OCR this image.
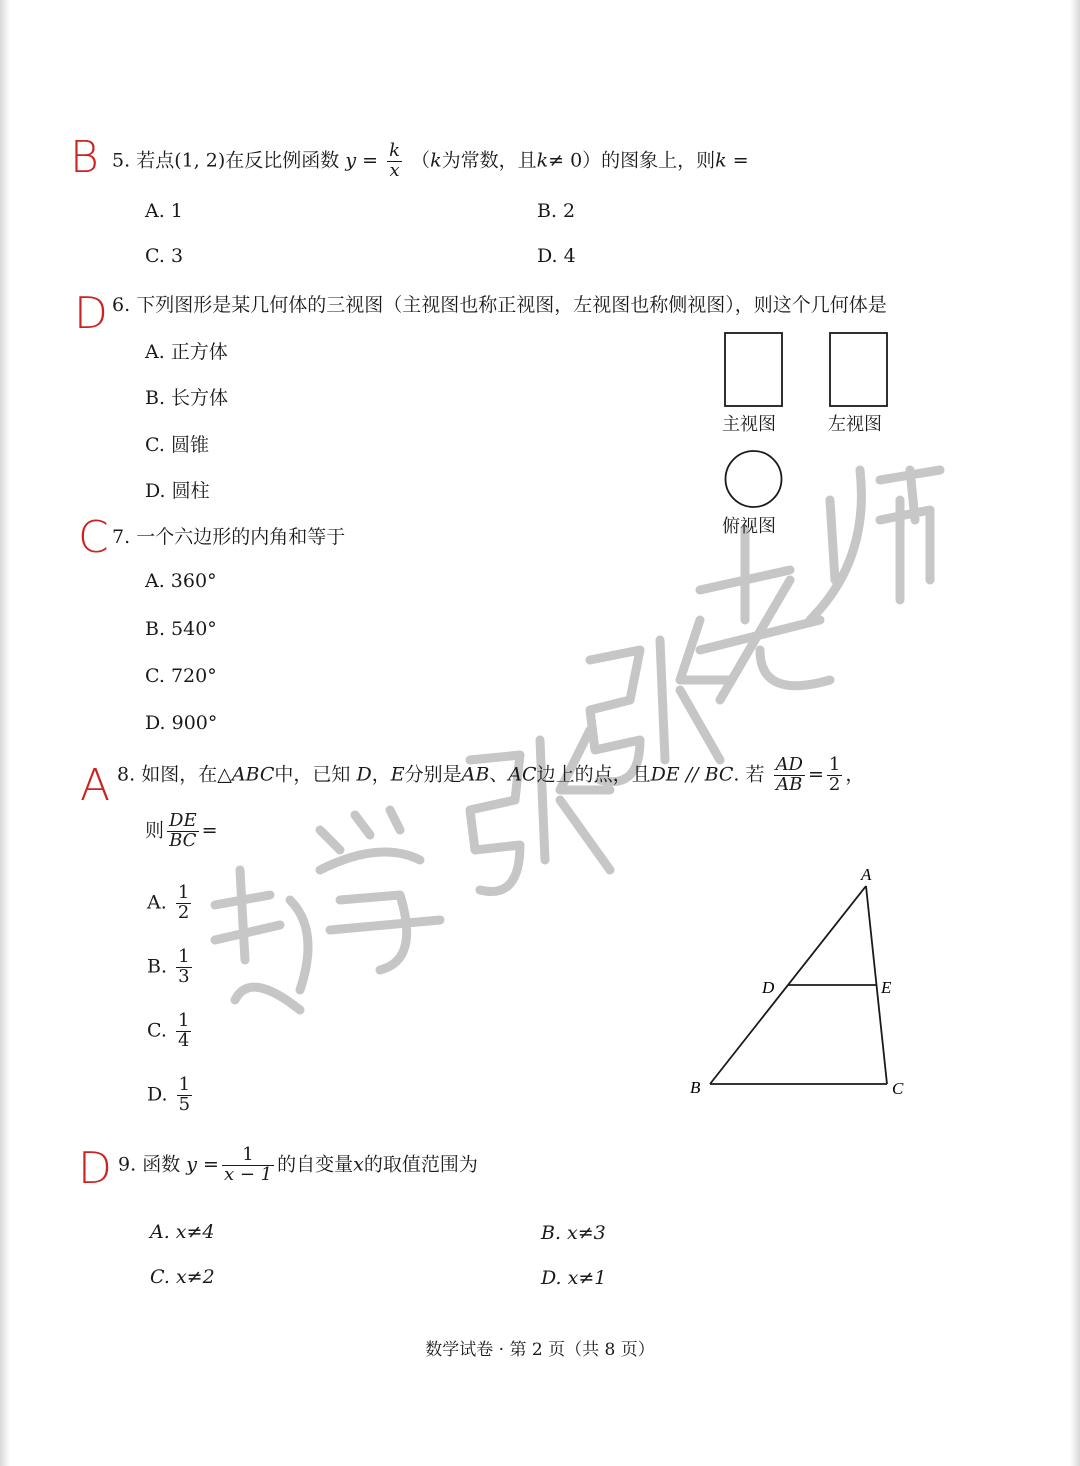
B 5. 若点(1, 2)在反比例函数 $y = \frac{k}{x} (k$为常数，且k≠ 0）的图象上，则k =
A. 1	B. 2
C. 3	D. 4
D 6. 下列图形是某几何体的三视图（主视图也称正视图，左视图也称侧视图），则这个几何体是
A. 正方体
B. 长方体
C. 圆锥
D. 圆柱
主视图	左视图
俯视图
C 7. 一个六边形的内角和等于
A. 360°
B. 540°
C. 720°
D. 900°
A 8. 如图，在△ABC中，已知 D，E分别是AB、AC边上的点，且DE // BC. 若 $\frac{AD}{AB} = \frac{1}{2}$ ，
则 $\frac{DE}{BC}$ =
A. $\frac{1}{2}$
B. $\frac{1}{3}$
C. $\frac{1}{4}$
D. $\frac{1}{5}$
A
D	E
B	C
D 9. 函数 $y = \frac{1}{x - 1}$ 的自变量x的取值范围为
A. x≠4	B. x≠3
C. x≠2	D. x≠1
数学试卷 · 第 2 页（共 8 页）
